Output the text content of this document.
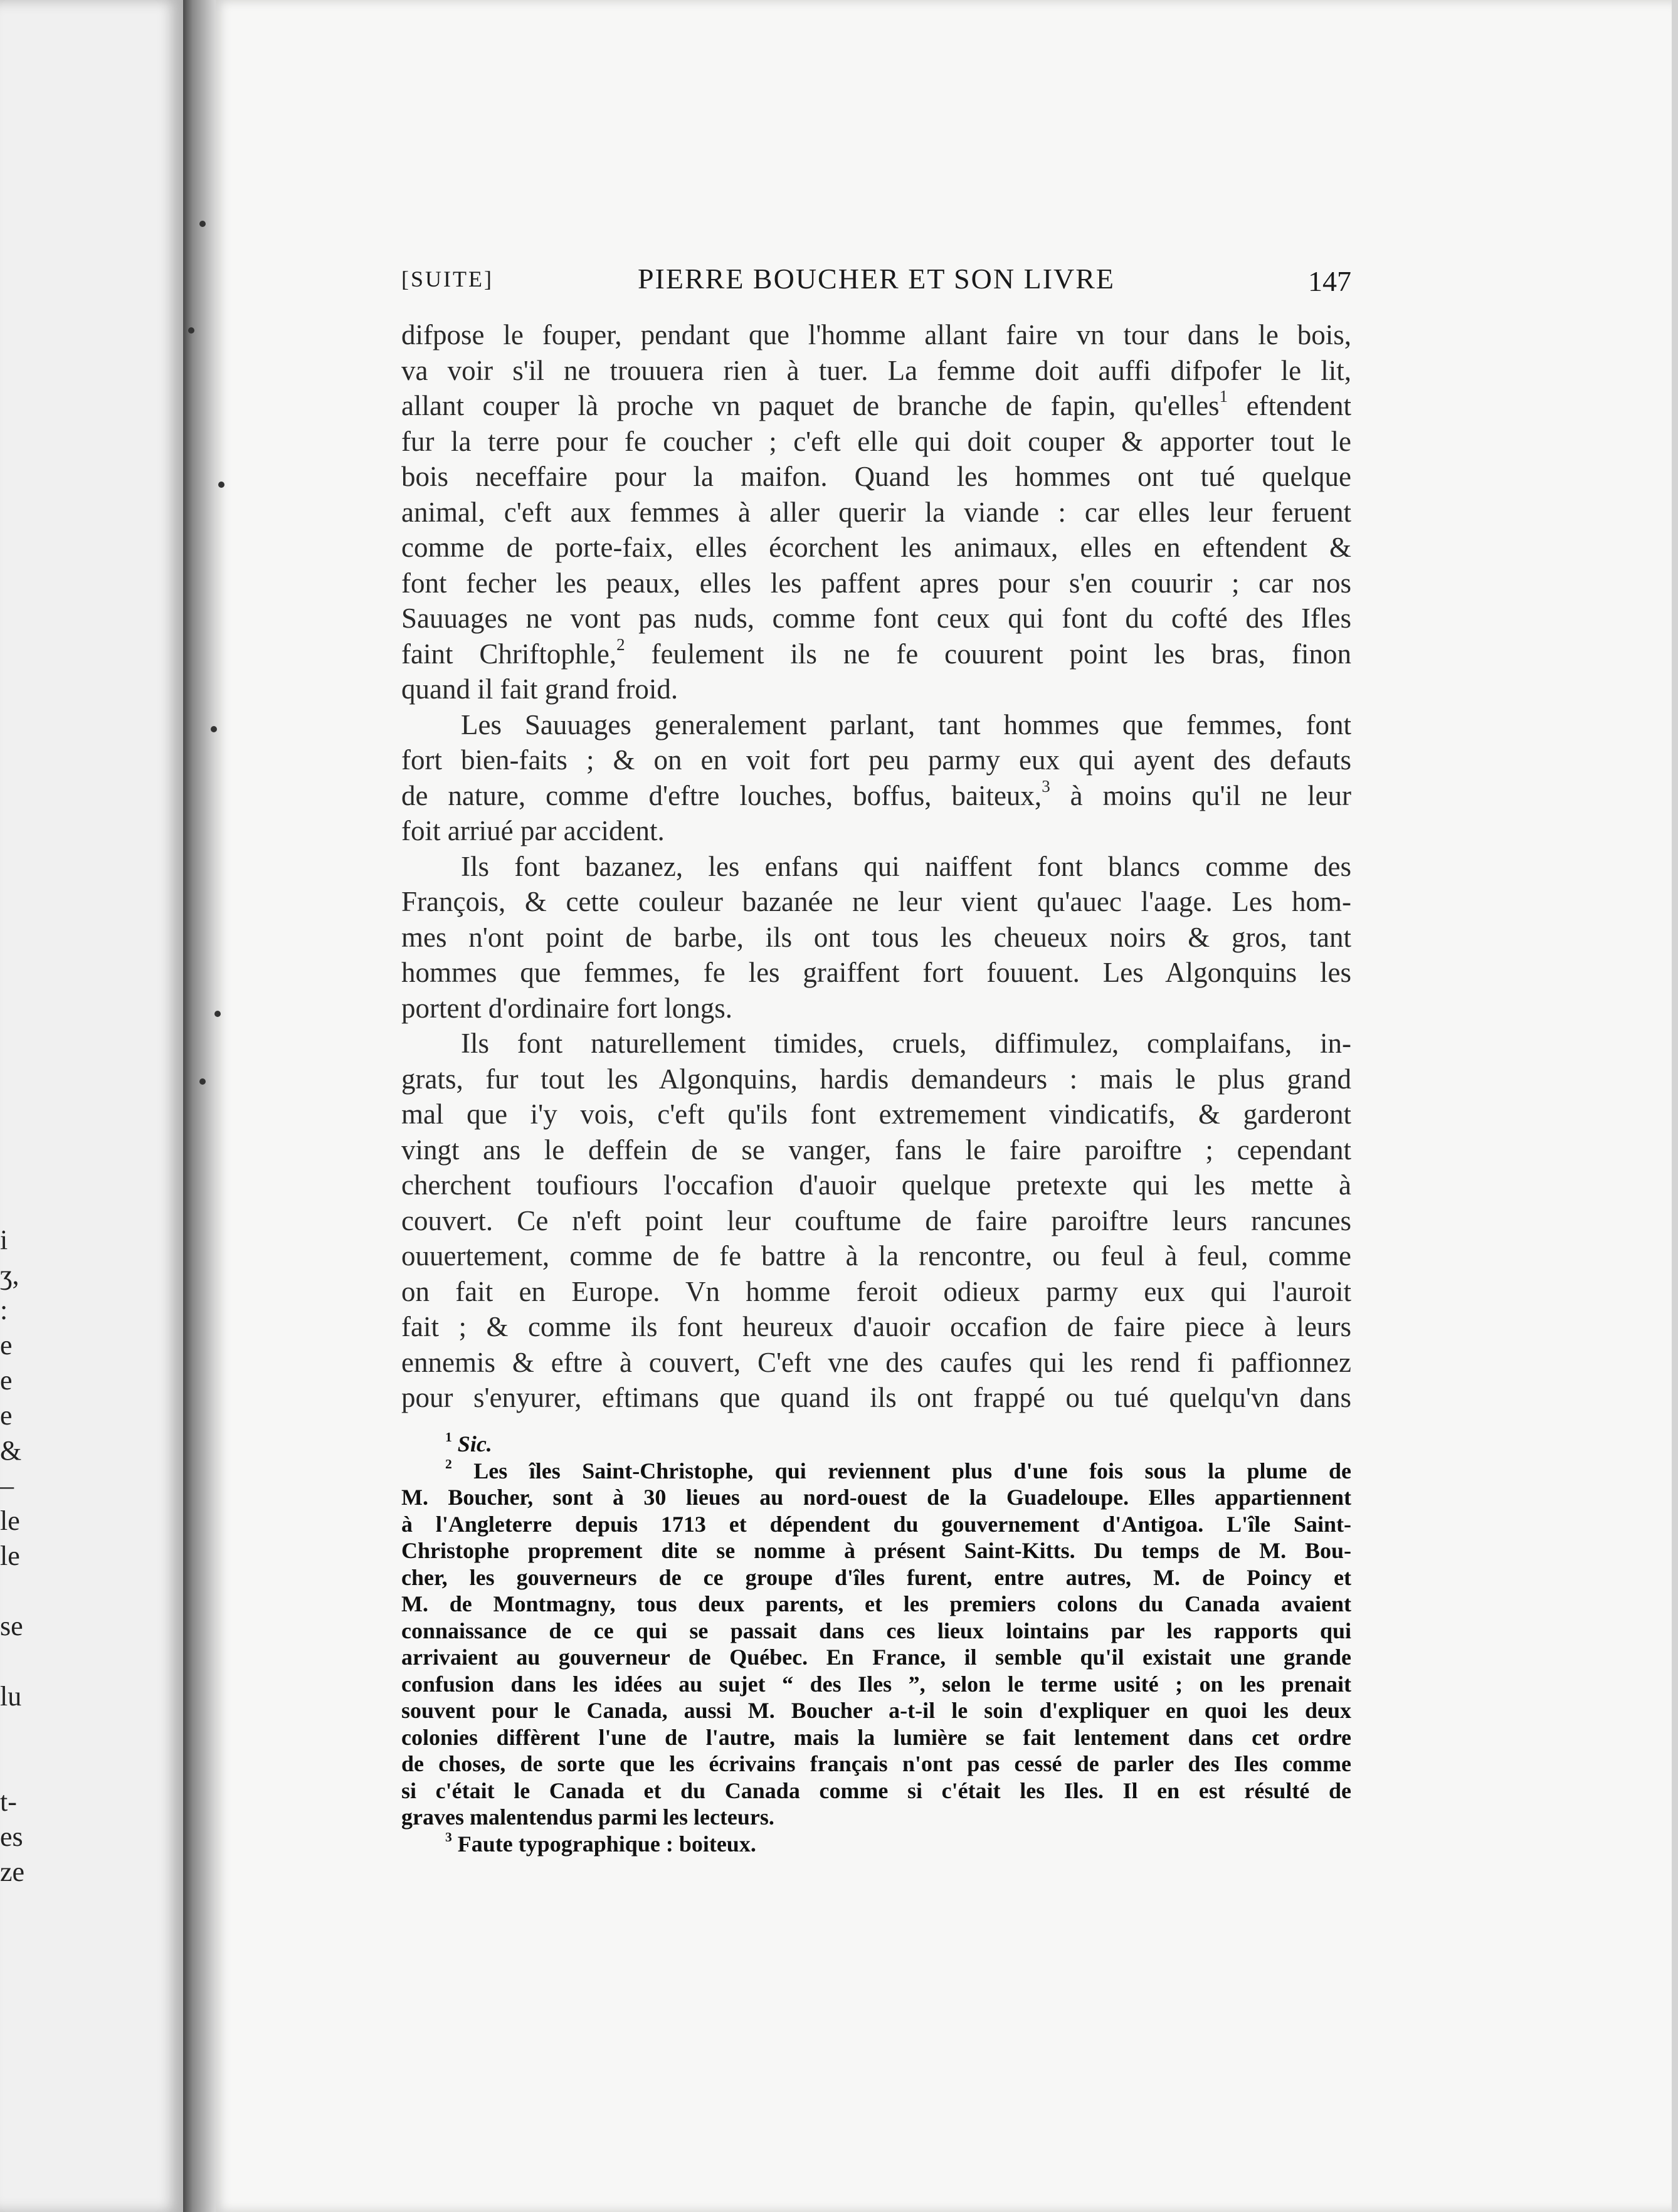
i
ʒ,
:
e
e
e
&
–
le
le
se
lu
t-
es
ze
[SUITE]	PIERRE BOUCHER ET SON LIVRE	147
difpose le fouper, pendant que l'homme allant faire vn tour dans le bois,
va voir s'il ne trouuera rien à tuer. La femme doit auffi difpofer le lit,
allant couper là proche vn paquet de branche de fapin, qu'elles$^1$ eftendent
fur la terre pour fe coucher ; c'eft elle qui doit couper & apporter tout le
bois neceffaire pour la maifon. Quand les hommes ont tué quelque
animal, c'eft aux femmes à aller querir la viande : car elles leur feruent
comme de porte-faix, elles écorchent les animaux, elles en eftendent &
font fecher les peaux, elles les paffent apres pour s'en couurir ; car nos
Sauuages ne vont pas nuds, comme font ceux qui font du cofté des Ifles
faint Chriftophle,$^2$ feulement ils ne fe couurent point les bras, finon
quand il fait grand froid.
Les Sauuages generalement parlant, tant hommes que femmes, font
fort bien-faits ; & on en voit fort peu parmy eux qui ayent des defauts
de nature, comme d'eftre louches, boffus, baiteux,$^3$ à moins qu'il ne leur
foit arriué par accident.
Ils font bazanez, les enfans qui naiffent font blancs comme des
François, & cette couleur bazanée ne leur vient qu'auec l'aage. Les hom-
mes n'ont point de barbe, ils ont tous les cheueux noirs & gros, tant
hommes que femmes, fe les graiffent fort fouuent. Les Algonquins les
portent d'ordinaire fort longs.
Ils font naturellement timides, cruels, diffimulez, complaifans, in-
grats, fur tout les Algonquins, hardis demandeurs : mais le plus grand
mal que i'y vois, c'eft qu'ils font extremement vindicatifs, & garderont
vingt ans le deffein de se vanger, fans le faire paroiftre ; cependant
cherchent toufiours l'occafion d'auoir quelque pretexte qui les mette à
couvert. Ce n'eft point leur couftume de faire paroiftre leurs rancunes
ouuertement, comme de fe battre à la rencontre, ou feul à feul, comme
on fait en Europe. Vn homme feroit odieux parmy eux qui l'auroit
fait ; & comme ils font heureux d'auoir occafion de faire piece à leurs
ennemis & eftre à couvert, C'eft vne des caufes qui les rend fi paffionnez
pour s'enyurer, eftimans que quand ils ont frappé ou tué quelqu'vn dans
$^1$ Sic.
$^2$ Les îles Saint-Christophe, qui reviennent plus d'une fois sous la plume de
M. Boucher, sont à 30 lieues au nord-ouest de la Guadeloupe. Elles appartiennent
à l'Angleterre depuis 1713 et dépendent du gouvernement d'Antigoa. L'île Saint-
Christophe proprement dite se nomme à présent Saint-Kitts. Du temps de M. Bou-
cher, les gouverneurs de ce groupe d'îles furent, entre autres, M. de Poincy et
M. de Montmagny, tous deux parents, et les premiers colons du Canada avaient
connaissance de ce qui se passait dans ces lieux lointains par les rapports qui
arrivaient au gouverneur de Québec. En France, il semble qu'il existait une grande
confusion dans les idées au sujet “ des Iles ”, selon le terme usité ; on les prenait
souvent pour le Canada, aussi M. Boucher a-t-il le soin d'expliquer en quoi les deux
colonies diffèrent l'une de l'autre, mais la lumière se fait lentement dans cet ordre
de choses, de sorte que les écrivains français n'ont pas cessé de parler des Iles comme
si c'était le Canada et du Canada comme si c'était les Iles. Il en est résulté de
graves malentendus parmi les lecteurs.
$^3$ Faute typographique : boiteux.
